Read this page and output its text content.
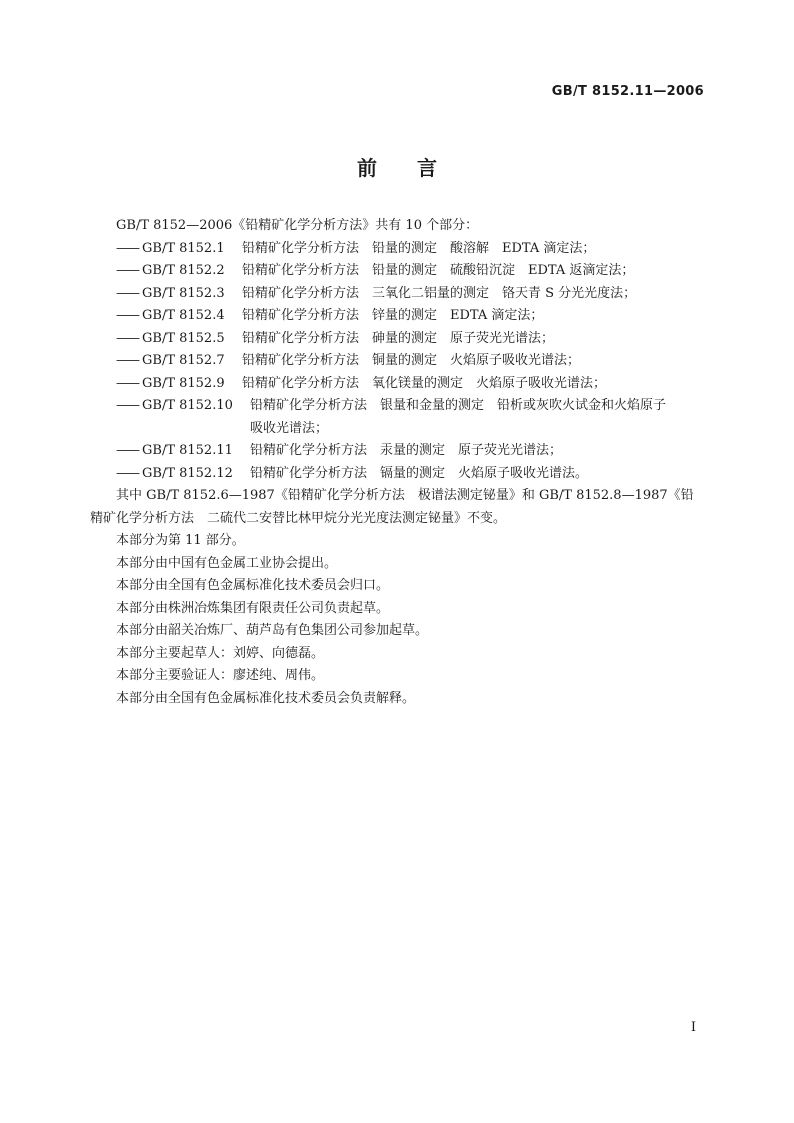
GB/T 8152.11—2006
前言

GB/T 8152—2006《铅精矿化学分析方法》共有 10 个部分：

—— GB/T 8152.1 铅精矿化学分析方法　铅量的测定　酸溶解　EDTA 滴定法；

—— GB/T 8152.2 铅精矿化学分析方法　铅量的测定　硫酸铅沉淀　EDTA 返滴定法；

—— GB/T 8152.3 铅精矿化学分析方法　三氧化二铝量的测定　铬天青 S 分光光度法；

—— GB/T 8152.4 铅精矿化学分析方法　锌量的测定　EDTA 滴定法；

—— GB/T 8152.5 铅精矿化学分析方法　砷量的测定　原子荧光光谱法；

—— GB/T 8152.7 铅精矿化学分析方法　铜量的测定　火焰原子吸收光谱法；

—— GB/T 8152.9 铅精矿化学分析方法　氧化镁量的测定　火焰原子吸收光谱法；

—— GB/T 8152.10 铅精矿化学分析方法　银量和金量的测定　铅析或灰吹火试金和火焰原子
吸收光谱法；

—— GB/T 8152.11 铅精矿化学分析方法　汞量的测定　原子荧光光谱法；

—— GB/T 8152.12 铅精矿化学分析方法　镉量的测定　火焰原子吸收光谱法。

其中 GB/T 8152.6—1987《铅精矿化学分析方法　极谱法测定铋量》和 GB/T 8152.8—1987《铅精矿化学分析方法　二硫代二安替比林甲烷分光光度法测定铋量》不变。

本部分为第 11 部分。

本部分由中国有色金属工业协会提出。

本部分由全国有色金属标准化技术委员会归口。

本部分由株洲冶炼集团有限责任公司负责起草。

本部分由韶关冶炼厂、葫芦岛有色集团公司参加起草。

本部分主要起草人：刘婷、向德磊。

本部分主要验证人：廖述纯、周伟。

本部分由全国有色金属标准化技术委员会负责解释。

I
